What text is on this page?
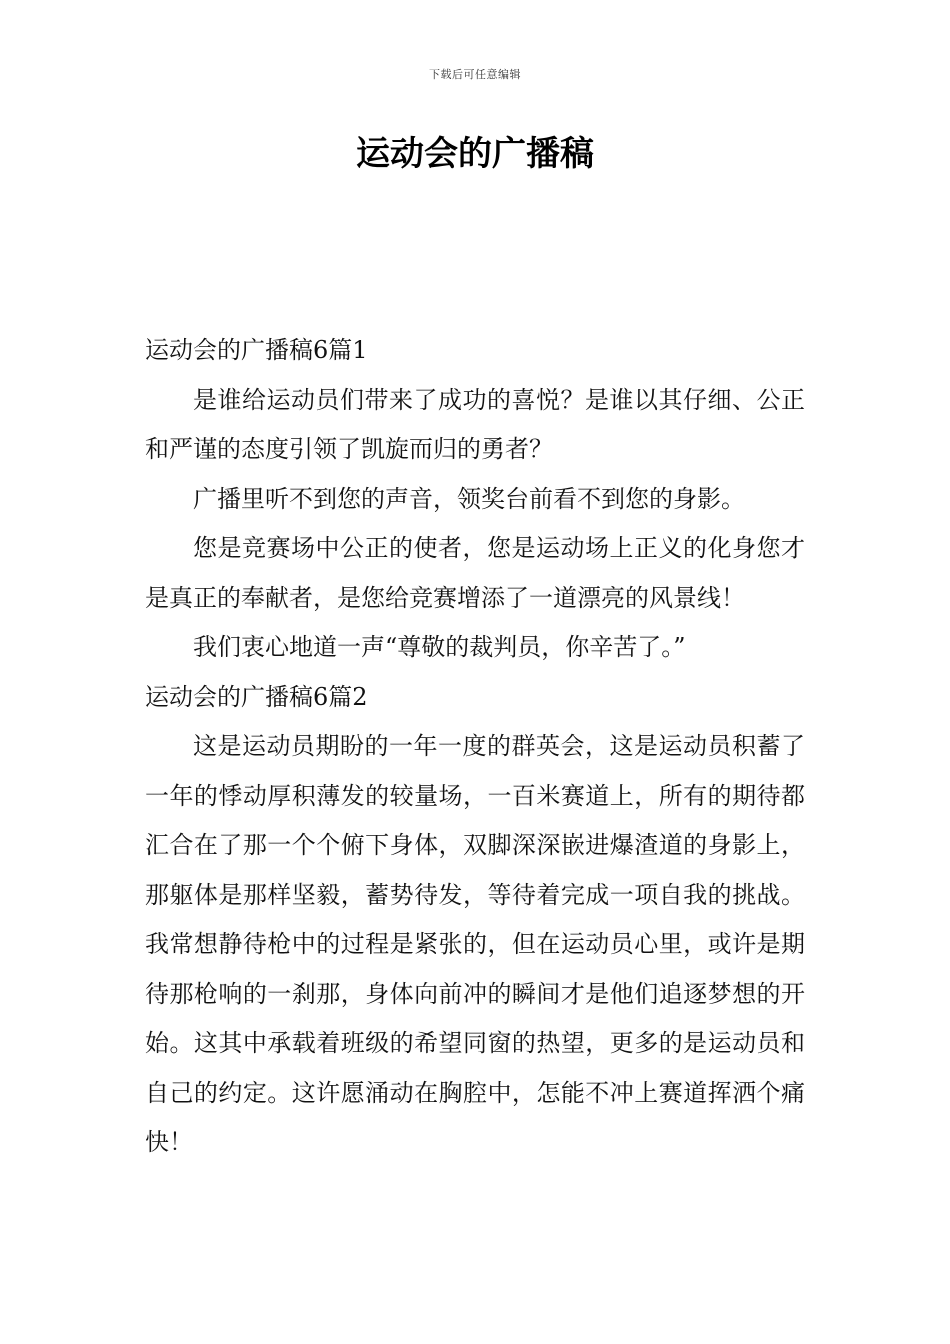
下载后可任意编辑
运动会的广播稿

运动会的广播稿6篇1

是谁给运动员们带来了成功的喜悦？是谁以其仔细、公正和严谨的态度引领了凯旋而归的勇者？

广播里听不到您的声音，领奖台前看不到您的身影。

您是竞赛场中公正的使者，您是运动场上正义的化身您才是真正的奉献者，是您给竞赛增添了一道漂亮的风景线！

我们衷心地道一声“尊敬的裁判员，你辛苦了。”

运动会的广播稿6篇2

这是运动员期盼的一年一度的群英会，这是运动员积蓄了一年的悸动厚积薄发的较量场，一百米赛道上，所有的期待都汇合在了那一个个俯下身体，双脚深深嵌进爆渣道的身影上，那躯体是那样坚毅，蓄势待发，等待着完成一项自我的挑战。我常想静待枪中的过程是紧张的，但在运动员心里，或许是期待那枪响的一刹那，身体向前冲的瞬间才是他们追逐梦想的开始。这其中承载着班级的希望同窗的热望，更多的是运动员和自己的约定。这许愿涌动在胸腔中，怎能不冲上赛道挥洒个痛快！
